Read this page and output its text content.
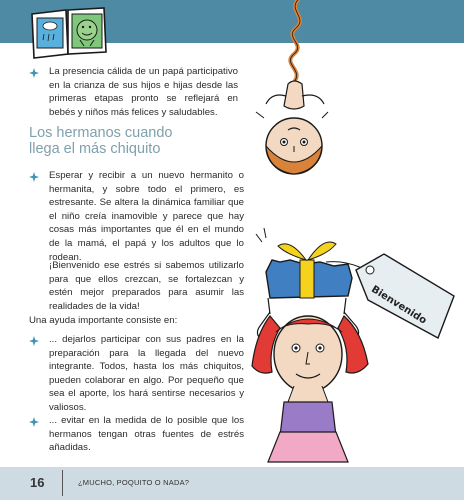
La presencia cálida de un papá participativo en la crianza de sus hijos e hijas desde las primeras etapas pronto se reflejará en bebés y niños más felices y saludables.
Los hermanos cuando
llega el más chiquito
Esperar y recibir a un nuevo hermanito o hermanita, y sobre todo el primero, es estresante. Se altera la dinámica familiar que el niño creía inamovible y parece que hay cosas más importantes que él en el mundo de la mamá, el papá y los adultos que lo rodean.
¡Bienvenido ese estrés si sabemos utilizarlo para que ellos crezcan, se fortalezcan y estén mejor preparados para asumir las realidades de la vida!
Una ayuda importante consiste en:
... dejarlos participar con sus padres en la preparación para la llegada del nuevo integrante. Todos, hasta los más chiquitos, pueden colaborar en algo. Por pequeño que sea el aporte, los hará sentirse necesarios y valiosos.
... evitar en la medida de lo posible que los hermanos tengan otras fuentes de estrés añadidas.
Bienvenido
16	¿MUCHO, POQUITO O NADA?
